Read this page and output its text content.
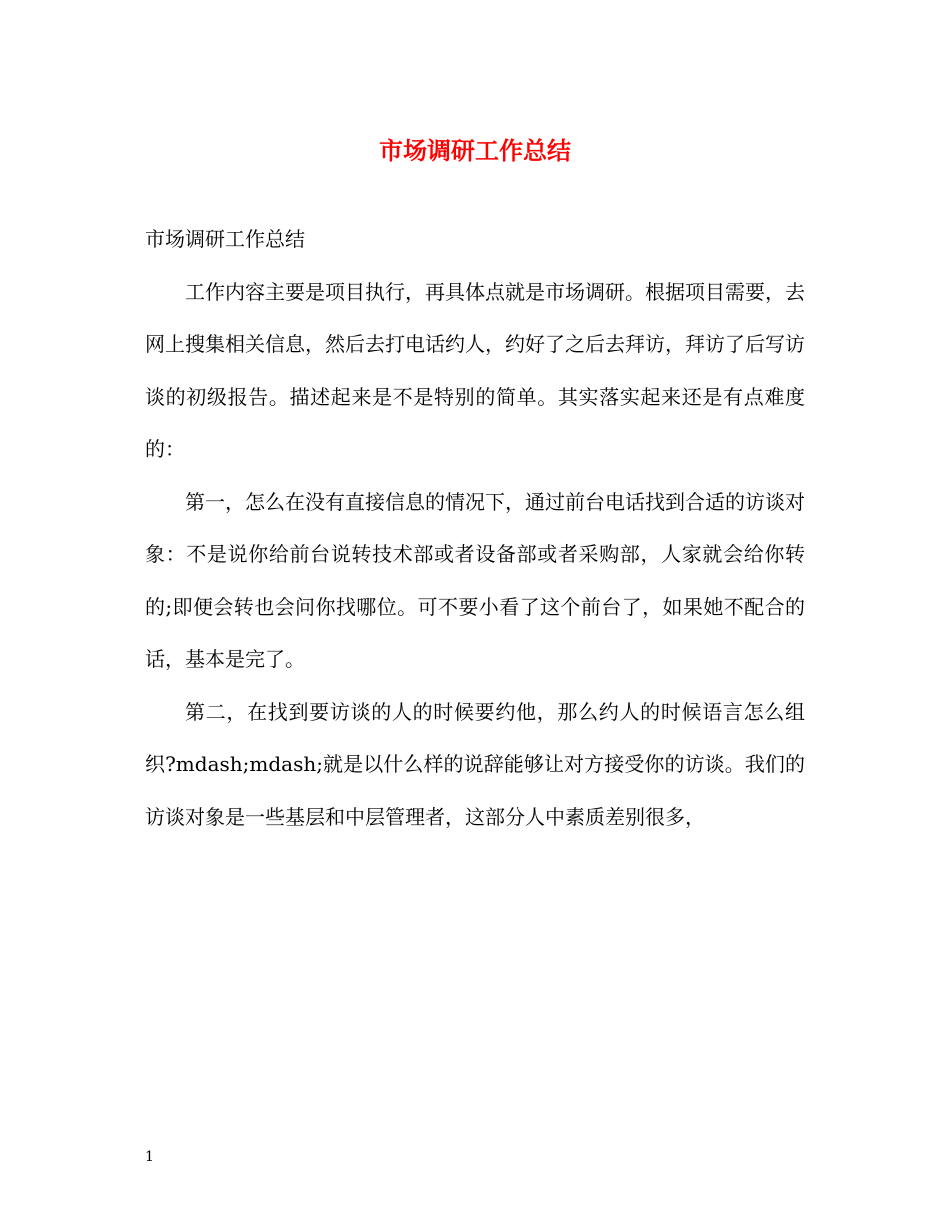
市场调研工作总结

市场调研工作总结

工作内容主要是项目执行，再具体点就是市场调研。根据项目需要，去网上搜集相关信息，然后去打电话约人，约好了之后去拜访，拜访了后写访谈的初级报告。描述起来是不是特别的简单。其实落实起来还是有点难度的：

第一，怎么在没有直接信息的情况下，通过前台电话找到合适的访谈对象：不是说你给前台说转技术部或者设备部或者采购部，人家就会给你转的;即便会转也会问你找哪位。可不要小看了这个前台了，如果她不配合的话，基本是完了。

第二，在找到要访谈的人的时候要约他，那么约人的时候语言怎么组织?mdash;mdash;就是以什么样的说辞能够让对方接受你的访谈。我们的访谈对象是一些基层和中层管理者，这部分人中素质差别很多，

1
